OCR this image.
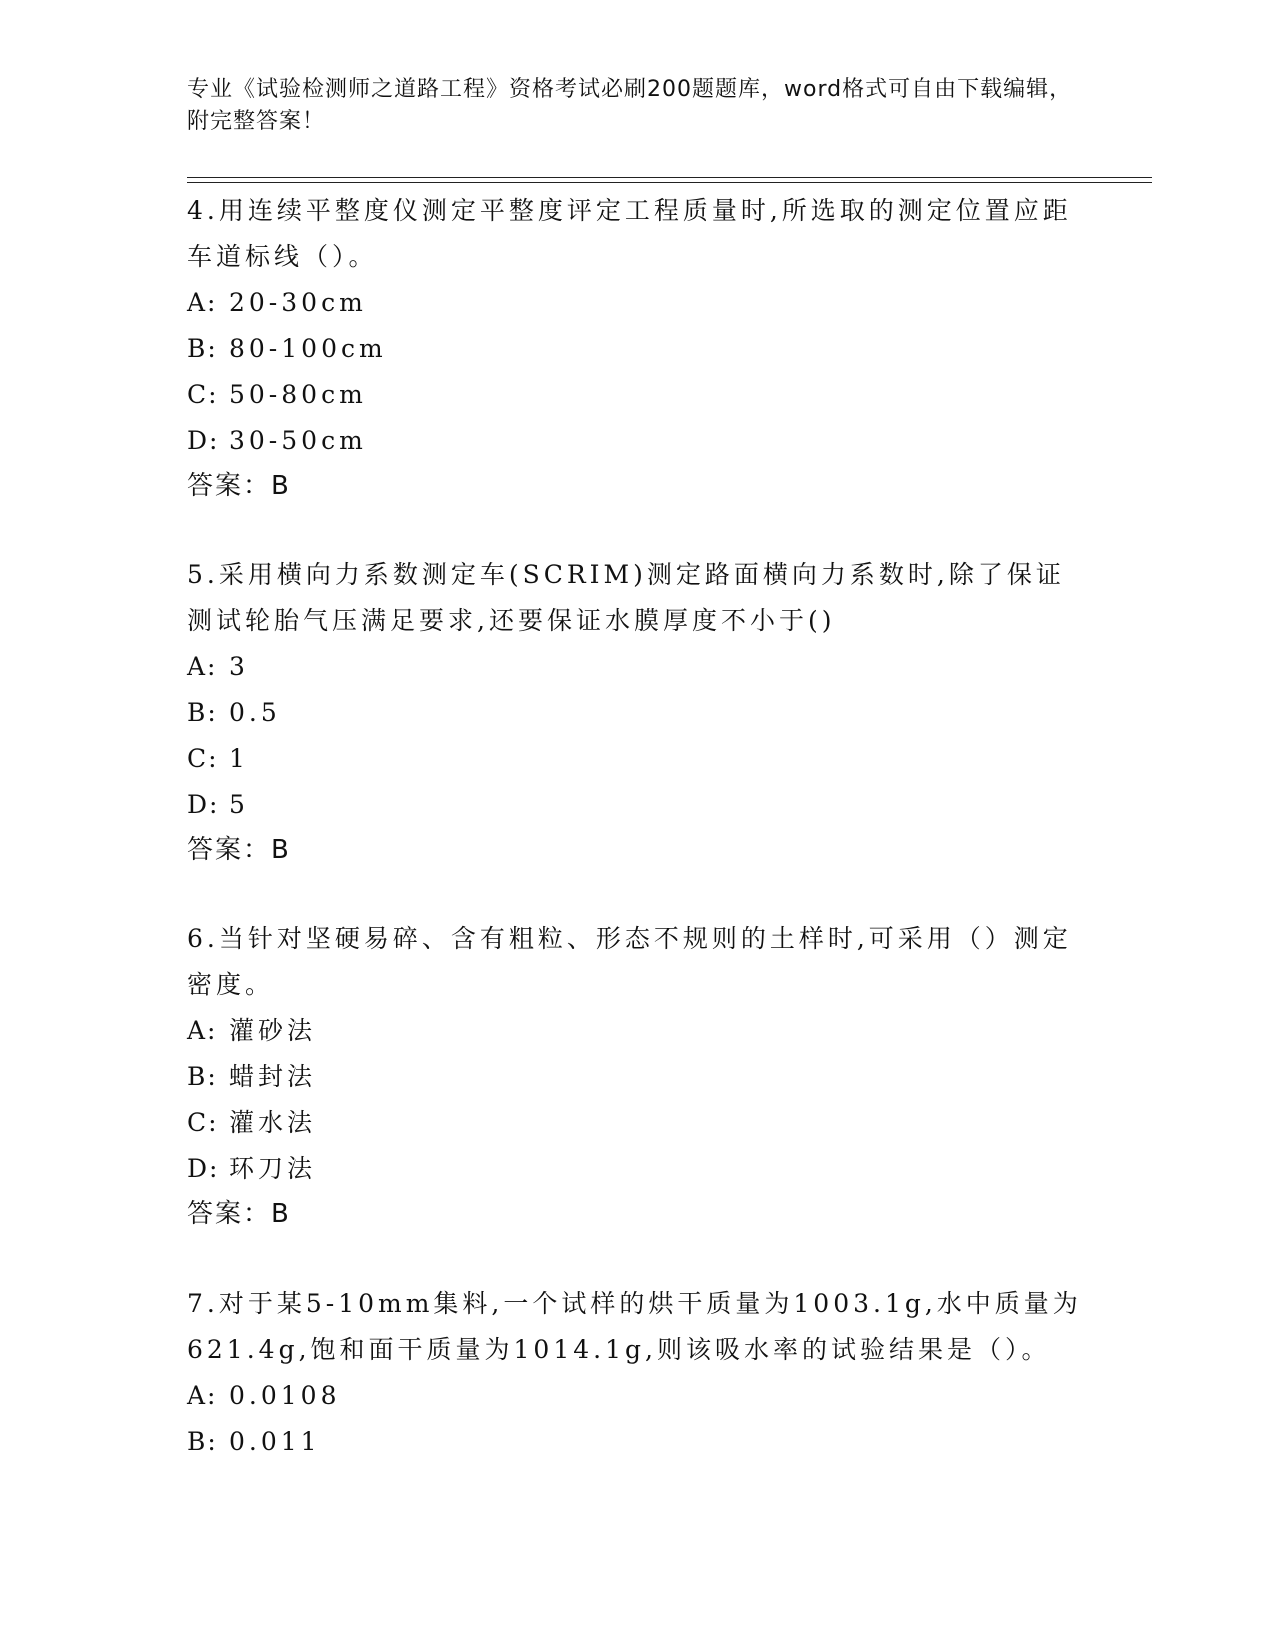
专业《试验检测师之道路工程》资格考试必刷200题题库，word格式可自由下载编辑，附完整答案！

4.用连续平整度仪测定平整度评定工程质量时,所选取的测定位置应距车道标线（）。

A: 20-30cm

B: 80-100cm

C: 50-80cm

D: 30-50cm

答案：B

5.采用横向力系数测定车(SCRIM)测定路面横向力系数时,除了保证测试轮胎气压满足要求,还要保证水膜厚度不小于()

A: 3

B: 0.5

C: 1

D: 5

答案：B

6.当针对坚硬易碎、含有粗粒、形态不规则的土样时,可采用（）测定密度。

A: 灌砂法

B: 蜡封法

C: 灌水法

D: 环刀法

答案：B

7.对于某5-10mm集料,一个试样的烘干质量为1003.1g,水中质量为621.4g,饱和面干质量为1014.1g,则该吸水率的试验结果是（）。

A: 0.0108

B: 0.011
